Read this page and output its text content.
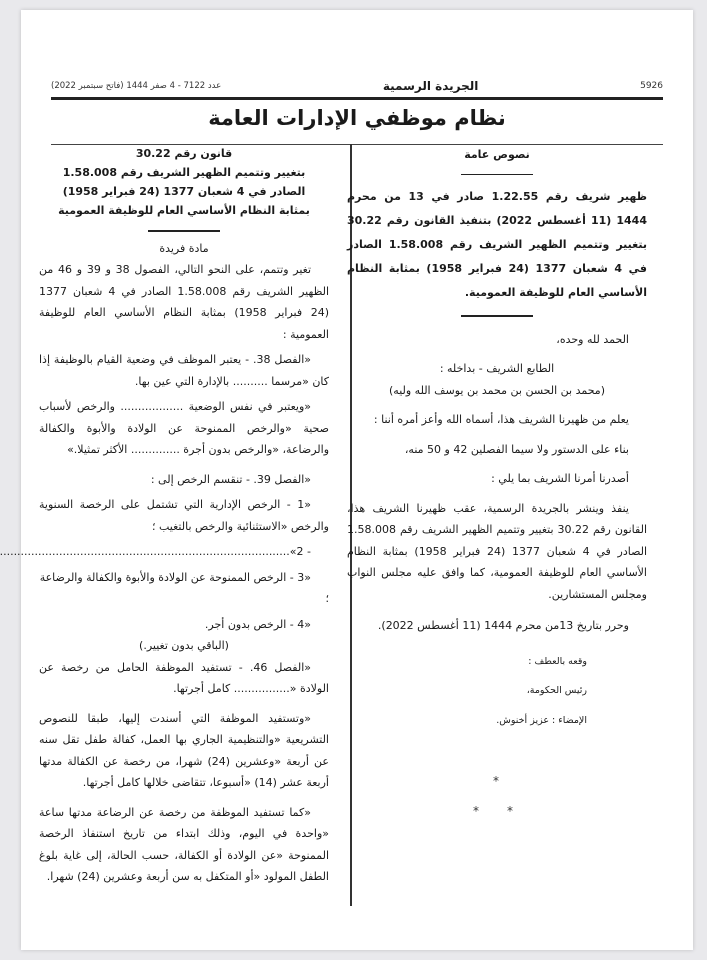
عدد 7122 - 4 صفر 1444 (فاتح سبتمبر 2022)	الجريدة الرسمية	5926
نظام موظفي الإدارات العامة

نصوص عامة

ظهير شريف رقم 1.22.55 صادر في 13 من محرم 1444 (11 أغسطس 2022) بتنفيذ القانون رقم 30.22 بتغيير وتتميم الظهير الشريف رقم 1.58.008 الصادر في 4 شعبان 1377 (24 فبراير 1958) بمثابة النظام الأساسي العام للوظيفة العمومية.

الحمد لله وحده،

الطابع الشريف - بداخله :

(محمد بن الحسن بن محمد بن يوسف الله وليه)

يعلم من ظهيرنا الشريف هذا، أسماه الله وأعز أمره أننا :

بناء على الدستور ولا سيما الفصلين 42 و 50 منه،

أصدرنا أمرنا الشريف بما يلي :

ينفذ وينشر بالجريدة الرسمية، عقب ظهيرنا الشريف هذا، القانون رقم 30.22 بتغيير وتتميم الظهير الشريف رقم 1.58.008 الصادر في 4 شعبان 1377 (24 فبراير 1958) بمثابة النظام الأساسي العام للوظيفة العمومية، كما وافق عليه مجلس النواب ومجلس المستشارين.

وحرر بتاريخ 13من محرم 1444 (11 أغسطس 2022).

وقعه بالعطف :

رئيس الحكومة،

الإمضاء : عزيز أخنوش.

*
* *

قانون رقم 30.22

بتغيير وتتميم الظهير الشريف رقم 1.58.008

الصادر في 4 شعبان 1377 (24 فبراير 1958)

بمثابة النظام الأساسي العام للوظيفة العمومية

مادة فريدة

تغير وتتمم، على النحو التالي، الفصول 38 و 39 و 46 من الظهير الشريف رقم 1.58.008 الصادر في 4 شعبان 1377 (24 فبراير 1958) بمثابة النظام الأساسي العام للوظيفة العمومية :

«الفصل 38. - يعتبر الموظف في وضعية القيام بالوظيفة إذا كان «مرسما .......... بالإدارة التي عين بها.

«ويعتبر في نفس الوضعية .................. والرخص لأسباب صحية «والرخص الممنوحة عن الولادة والأبوة والكفالة والرضاعة، «والرخص بدون أجرة .............. الأكثر تمثيلا.»

«الفصل 39. - تنقسم الرخص إلى :

«1 - الرخص الإدارية التي تشتمل على الرخصة السنوية والرخص «الاستثنائية والرخص بالتغيب ؛

- 2»
...................................................................................

«3 - الرخص الممنوحة عن الولادة والأبوة والكفالة والرضاعة ؛

«4 - الرخص بدون أجر.

(الباقي بدون تغيير.)

«الفصل 46. - تستفيد الموظفة الحامل من رخصة عن الولادة «................ كامل أجرتها.

«وتستفيد الموظفة التي أسندت إليها، طبقا للنصوص التشريعية «والتنظيمية الجاري بها العمل، كفالة طفل تقل سنه عن أربعة «وعشرين (24) شهرا، من رخصة عن الكفالة مدتها أربعة عشر (14) «أسبوعا، تتقاضى خلالها كامل أجرتها.

«كما تستفيد الموظفة من رخصة عن الرضاعة مدتها ساعة «واحدة في اليوم، وذلك ابتداء من تاريخ استنفاذ الرخصة الممنوحة «عن الولادة أو الكفالة، حسب الحالة، إلى غاية بلوغ الطفل المولود «أو المتكفل به سن أربعة وعشرين (24) شهرا.
